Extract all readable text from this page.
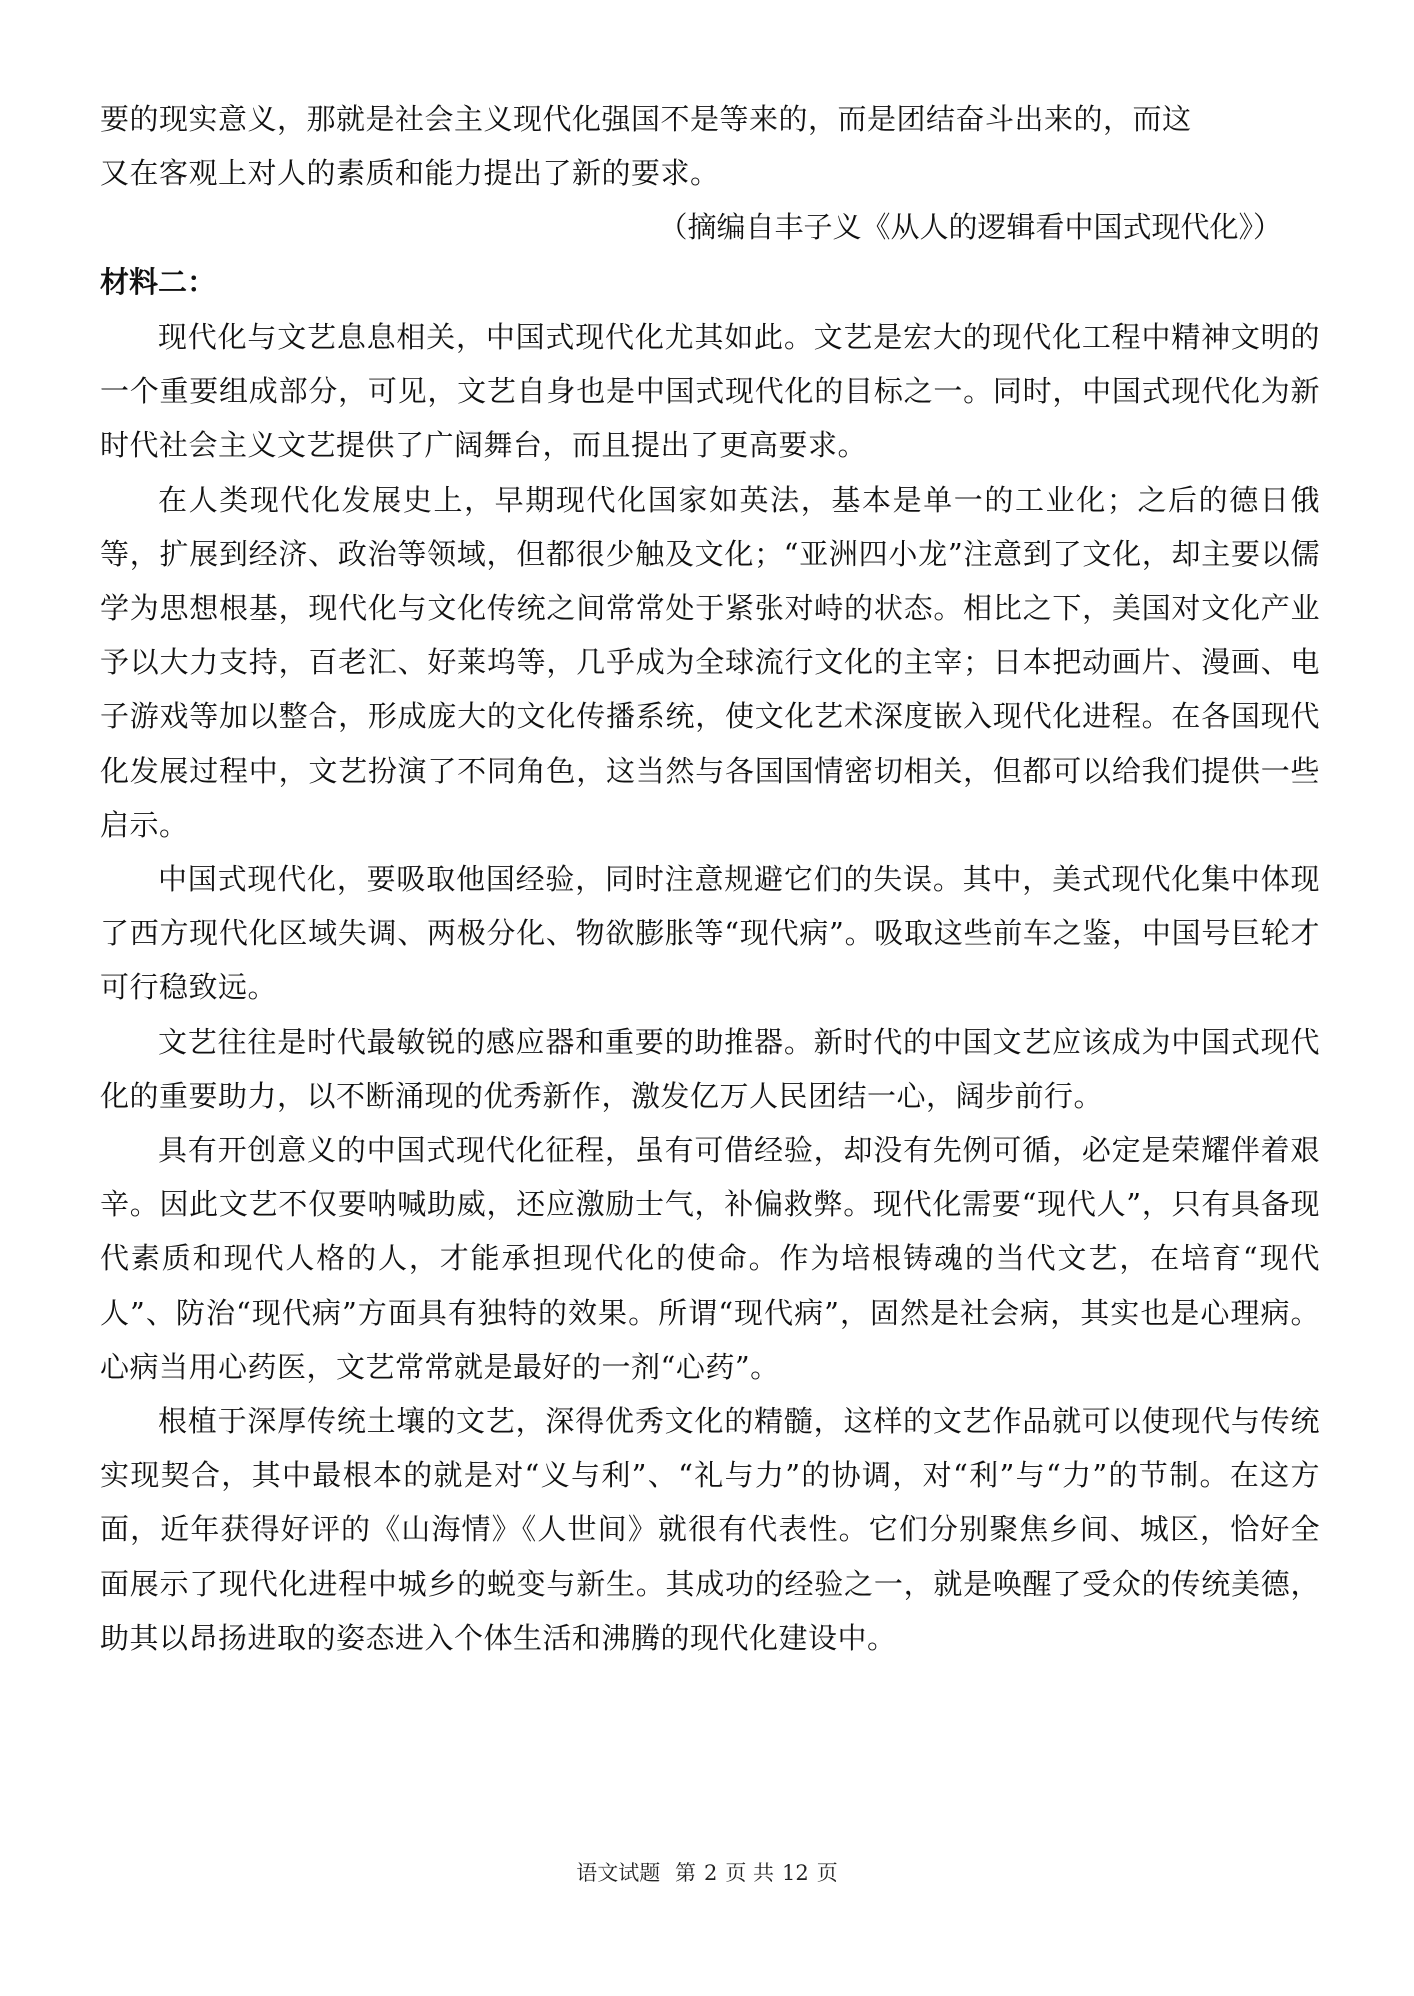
要的现实意义，那就是社会主义现代化强国不是等来的，而是团结奋斗出来的，而这
又在客观上对人的素质和能力提出了新的要求。

（摘编自丰子义《从人的逻辑看中国式现代化》）

材料二：

现代化与文艺息息相关，中国式现代化尤其如此。文艺是宏大的现代化工程中精神文明的一个重要组成部分，可见，文艺自身也是中国式现代化的目标之一。同时，中国式现代化为新时代社会主义文艺提供了广阔舞台，而且提出了更高要求。

在人类现代化发展史上，早期现代化国家如英法，基本是单一的工业化；之后的德日俄等，扩展到经济、政治等领域，但都很少触及文化；“亚洲四小龙”注意到了文化，却主要以儒学为思想根基，现代化与文化传统之间常常处于紧张对峙的状态。相比之下，美国对文化产业予以大力支持，百老汇、好莱坞等，几乎成为全球流行文化的主宰；日本把动画片、漫画、电子游戏等加以整合，形成庞大的文化传播系统，使文化艺术深度嵌入现代化进程。在各国现代化发展过程中，文艺扮演了不同角色，这当然与各国国情密切相关，但都可以给我们提供一些启示。

中国式现代化，要吸取他国经验，同时注意规避它们的失误。其中，美式现代化集中体现了西方现代化区域失调、两极分化、物欲膨胀等“现代病”。吸取这些前车之鉴，中国号巨轮才可行稳致远。

文艺往往是时代最敏锐的感应器和重要的助推器。新时代的中国文艺应该成为中国式现代化的重要助力，以不断涌现的优秀新作，激发亿万人民团结一心，阔步前行。

具有开创意义的中国式现代化征程，虽有可借经验，却没有先例可循，必定是荣耀伴着艰辛。因此文艺不仅要呐喊助威，还应激励士气，补偏救弊。现代化需要“现代人”，只有具备现代素质和现代人格的人，才能承担现代化的使命。作为培根铸魂的当代文艺，在培育“现代人”、防治“现代病”方面具有独特的效果。所谓“现代病”，固然是社会病，其实也是心理病。心病当用心药医，文艺常常就是最好的一剂“心药”。

根植于深厚传统土壤的文艺，深得优秀文化的精髓，这样的文艺作品就可以使现代与传统实现契合，其中最根本的就是对“义与利”、“礼与力”的协调，对“利”与“力”的节制。在这方面，近年获得好评的《山海情》《人世间》就很有代表性。它们分别聚焦乡间、城区，恰好全面展示了现代化进程中城乡的蜕变与新生。其成功的经验之一，就是唤醒了受众的传统美德，助其以昂扬进取的姿态进入个体生活和沸腾的现代化建设中。

语文试题 第 2 页 共 12 页
